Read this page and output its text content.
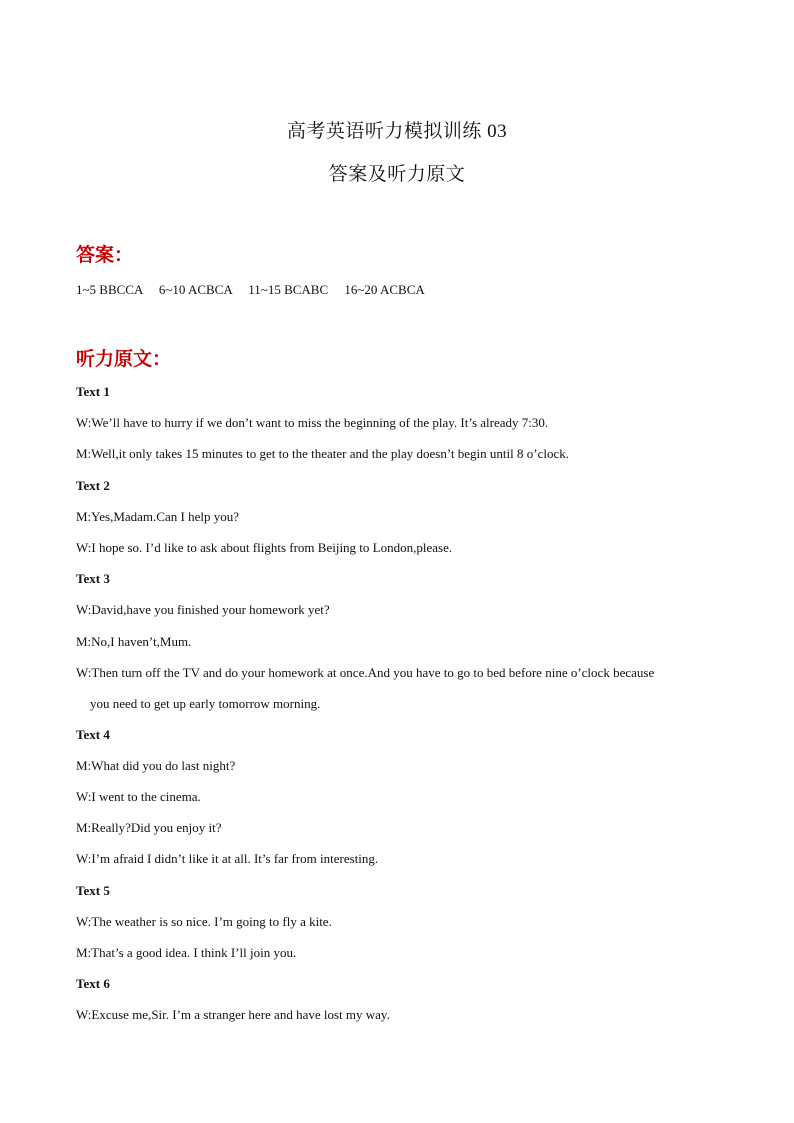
高考英语听力模拟训练 03
答案及听力原文
答案：
1~5 BBCCA     6~10 ACBCA     11~15 BCABC     16~20 ACBCA
听力原文：

Text 1

W:We’ll have to hurry if we don’t want to miss the beginning of the play. It’s already 7:30.

M:Well,it only takes 15 minutes to get to the theater and the play doesn’t begin until 8 o’clock.

Text 2

M:Yes,Madam.Can I help you?

W:I hope so. I’d like to ask about flights from Beijing to London,please.

Text 3

W:David,have you finished your homework yet?

M:No,I haven’t,Mum.

W:Then turn off the TV and do your homework at once.And you have to go to bed before nine o’clock because
you need to get up early tomorrow morning.

Text 4

M:What did you do last night?

W:I went to the cinema.

M:Really?Did you enjoy it?

W:I’m afraid I didn’t like it at all. It’s far from interesting.

Text 5

W:The weather is so nice. I’m going to fly a kite.

M:That’s a good idea. I think I’ll join you.

Text 6

W:Excuse me,Sir. I’m a stranger here and have lost my way.
